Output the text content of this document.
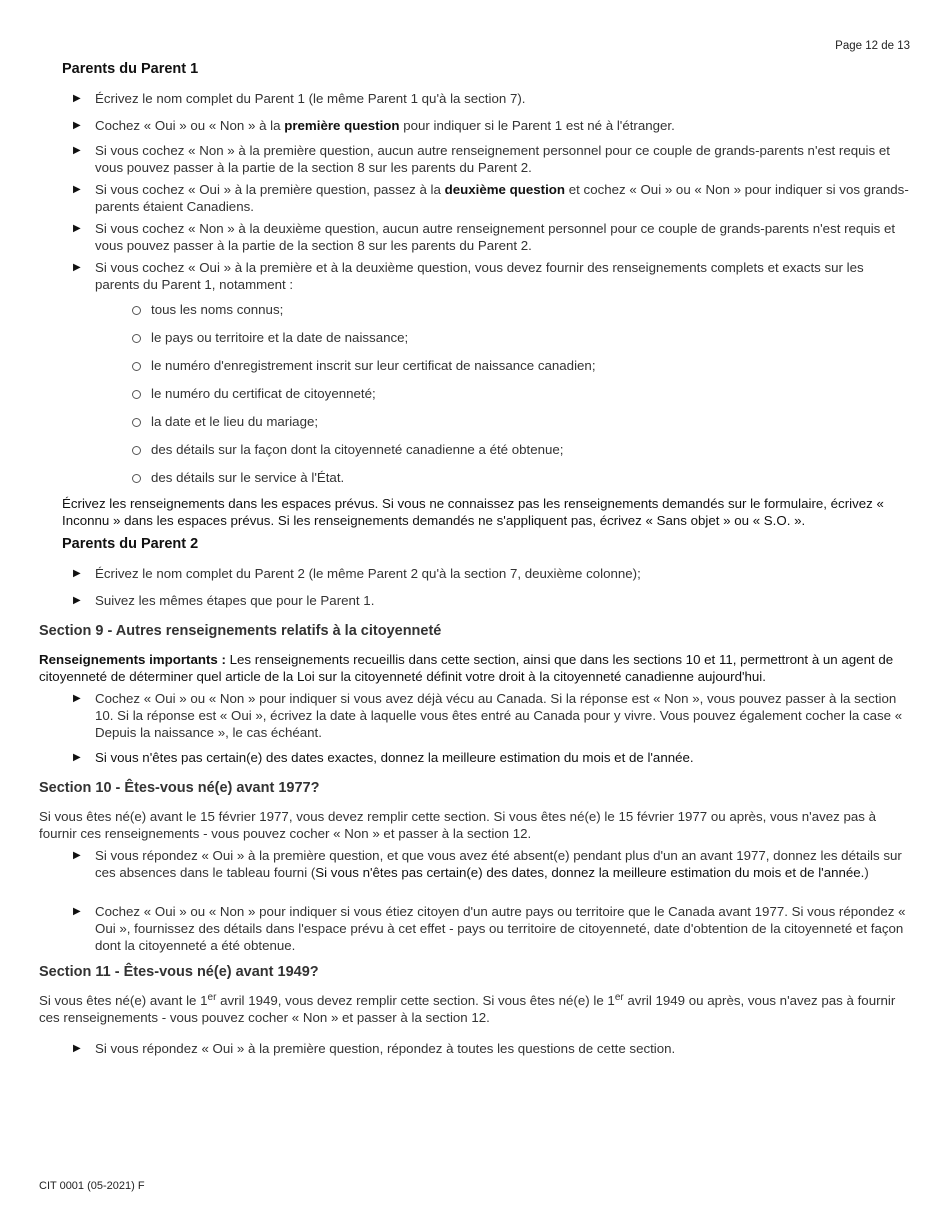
Page 12 de 13
CIT 0001 (05-2021) F
Parents du Parent 1
▶ Écrivez le nom complet du Parent 1 (le même Parent 1 qu'à la section 7).
▶ Cochez « Oui » ou « Non » à la première question pour indiquer si le Parent 1 est né à l'étranger.
▶ Si vous cochez « Non » à la première question, aucun autre renseignement personnel pour ce couple de grands-parents n'est requis et vous pouvez passer à la partie de la section 8 sur les parents du Parent 2.
▶ Si vous cochez « Oui » à la première question, passez à la deuxième question et cochez « Oui » ou « Non » pour indiquer si vos grands-parents étaient Canadiens.
▶ Si vous cochez « Non » à la deuxième question, aucun autre renseignement personnel pour ce couple de grands-parents n'est requis et vous pouvez passer à la partie de la section 8 sur les parents du Parent 2.
▶ Si vous cochez « Oui » à la première et à la deuxième question, vous devez fournir des renseignements complets et exacts sur les parents du Parent 1, notamment :
tous les noms connus;
le pays ou territoire et la date de naissance;
le numéro d'enregistrement inscrit sur leur certificat de naissance canadien;
le numéro du certificat de citoyenneté;
la date et le lieu du mariage;
des détails sur la façon dont la citoyenneté canadienne a été obtenue;
des détails sur le service à l'État.
Écrivez les renseignements dans les espaces prévus. Si vous ne connaissez pas les renseignements demandés sur le formulaire, écrivez « Inconnu » dans les espaces prévus. Si les renseignements demandés ne s'appliquent pas, écrivez « Sans objet » ou « S.O. ».
Parents du Parent 2
▶ Écrivez le nom complet du Parent 2 (le même Parent 2 qu'à la section 7, deuxième colonne);
▶ Suivez les mêmes étapes que pour le Parent 1.
Section 9 - Autres renseignements relatifs à la citoyenneté
Renseignements importants : Les renseignements recueillis dans cette section, ainsi que dans les sections 10 et 11, permettront à un agent de citoyenneté de déterminer quel article de la Loi sur la citoyenneté définit votre droit à la citoyenneté canadienne aujourd'hui.
▶ Cochez « Oui » ou « Non » pour indiquer si vous avez déjà vécu au Canada. Si la réponse est « Non », vous pouvez passer à la section 10. Si la réponse est « Oui », écrivez la date à laquelle vous êtes entré au Canada pour y vivre. Vous pouvez également cocher la case « Depuis la naissance », le cas échéant.
▶ Si vous n'êtes pas certain(e) des dates exactes, donnez la meilleure estimation du mois et de l'année.
Section 10 - Êtes-vous né(e) avant 1977?
Si vous êtes né(e) avant le 15 février 1977, vous devez remplir cette section. Si vous êtes né(e) le 15 février 1977 ou après, vous n'avez pas à fournir ces renseignements - vous pouvez cocher « Non » et passer à la section 12.
▶ Si vous répondez « Oui » à la première question, et que vous avez été absent(e) pendant plus d'un an avant 1977, donnez les détails sur ces absences dans le tableau fourni (Si vous n'êtes pas certain(e) des dates, donnez la meilleure estimation du mois et de l'année.)
▶ Cochez « Oui » ou « Non » pour indiquer si vous étiez citoyen d'un autre pays ou territoire que le Canada avant 1977. Si vous répondez « Oui », fournissez des détails dans l'espace prévu à cet effet - pays ou territoire de citoyenneté, date d'obtention de la citoyenneté et façon dont la citoyenneté a été obtenue.
Section 11 - Êtes-vous né(e) avant 1949?
Si vous êtes né(e) avant le 1er avril 1949, vous devez remplir cette section. Si vous êtes né(e) le 1er avril 1949 ou après, vous n'avez pas à fournir ces renseignements - vous pouvez cocher « Non » et passer à la section 12.
▶ Si vous répondez « Oui » à la première question, répondez à toutes les questions de cette section.
